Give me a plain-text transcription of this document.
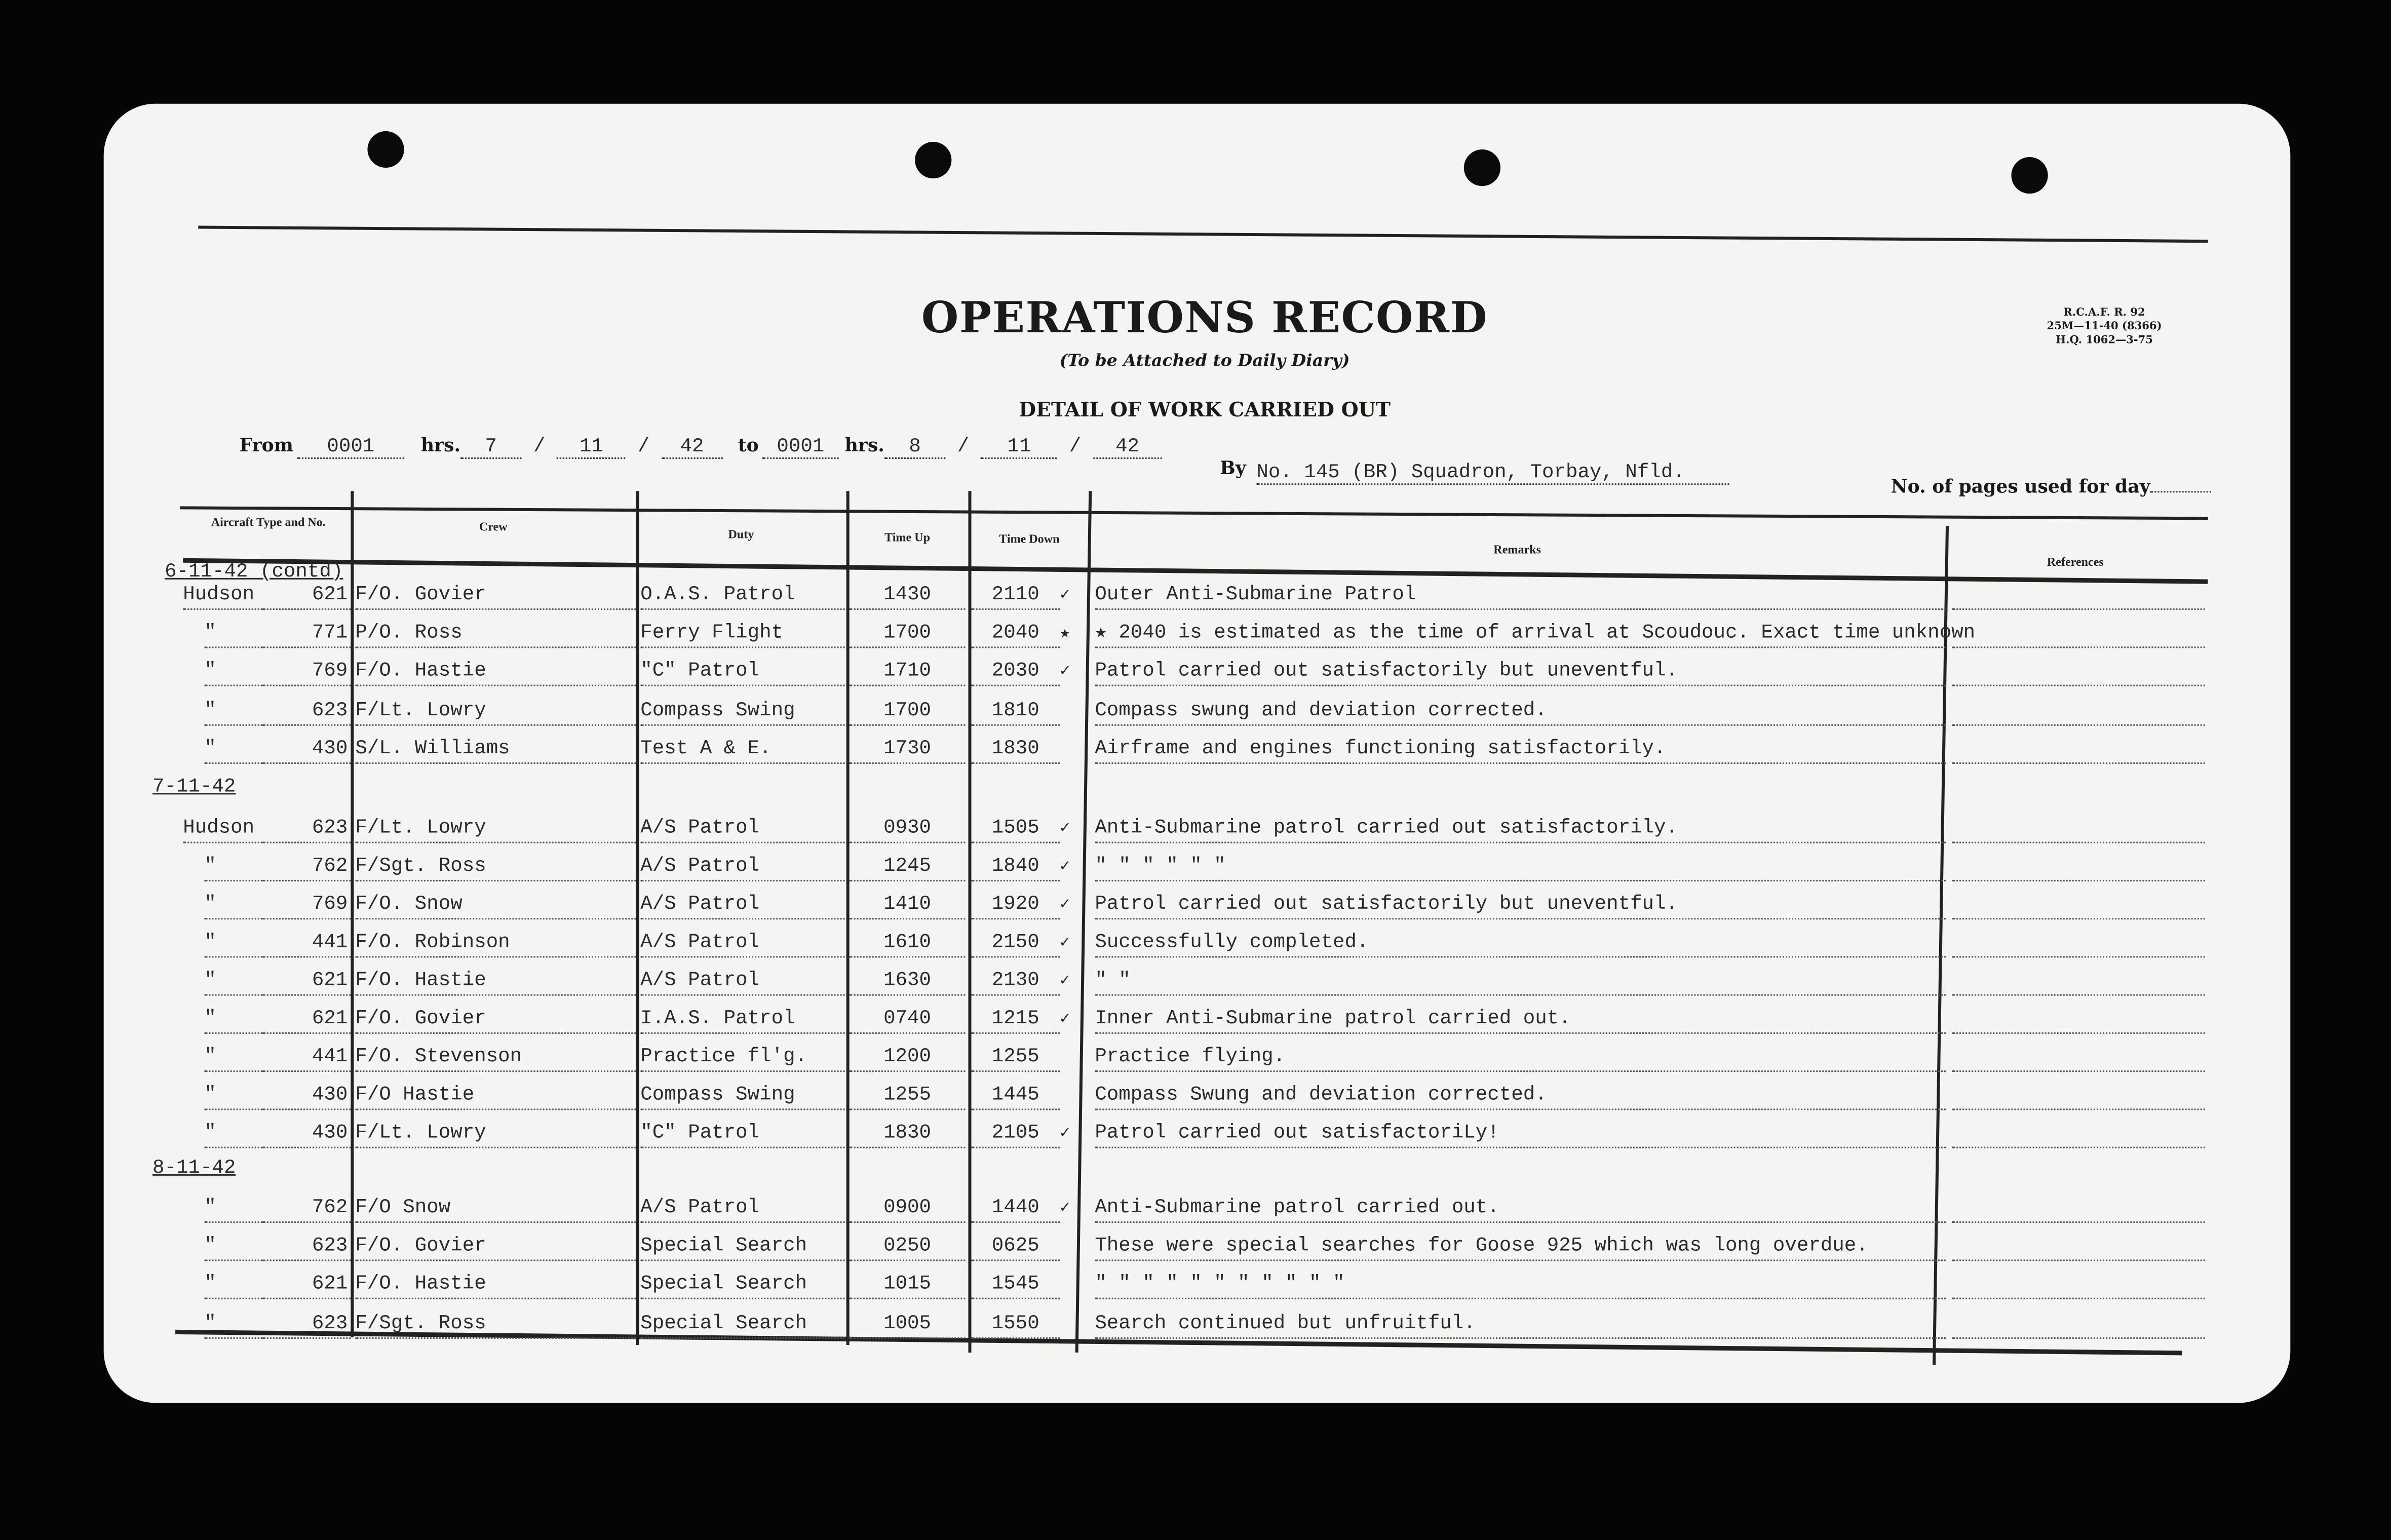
OPERATIONS RECORD
(To be Attached to Daily Diary)
DETAIL OF WORK CARRIED OUT
R.C.A.F. R. 92
25M—11-40 (8366)
H.Q. 1062—3-75
From	0001	hrs.	7	/	11	/	42	to	0001	hrs.	8	/	11	/	42
By No. 145 (BR) Squadron, Torbay, Nfld.
No. of pages used for day
Aircraft Type and No.	Crew
Duty	Time Up	Time Down
Remarks
References
6-11-42 (contd)
Hudson	621	F/O. Govier	O.A.S. Patrol	1430	2110	✓	Outer Anti-Submarine Patrol
"	771	P/O. Ross	Ferry Flight	1700	2040	★	★ 2040 is estimated as the time of arrival at Scoudouc. Exact time unknown
"	769	F/O. Hastie	"C" Patrol	1710	2030	✓	Patrol carried out satisfactorily but uneventful.
"	623	F/Lt. Lowry	Compass Swing	1700	1810	Compass swung and deviation corrected.
"	430	S/L. Williams	Test A & E.	1730	1830	Airframe and engines functioning satisfactorily.
7-11-42
Hudson	623	F/Lt. Lowry	A/S Patrol	0930	1505	✓	Anti-Submarine patrol carried out satisfactorily.
"	762	F/Sgt. Ross	A/S Patrol	1245	1840	✓	" " " " " "
"	769	F/O. Snow	A/S Patrol	1410	1920	✓	Patrol carried out satisfactorily but uneventful.
"	441	F/O. Robinson	A/S Patrol	1610	2150	✓	Successfully completed.
"	621	F/O. Hastie	A/S Patrol	1630	2130	✓	" "
"	621	F/O. Govier	I.A.S. Patrol	0740	1215	✓	Inner Anti-Submarine patrol carried out.
"	441	F/O. Stevenson	Practice fl'g.	1200	1255	Practice flying.
"	430	F/O Hastie	Compass Swing	1255	1445	Compass Swung and deviation corrected.
"	430	F/Lt. Lowry	"C" Patrol	1830	2105	✓	Patrol carried out satisfactoriLy!
8-11-42
"	762	F/O Snow	A/S Patrol	0900	1440	✓	Anti-Submarine patrol carried out.
"	623	F/O. Govier	Special Search	0250	0625	These were special searches for Goose 925 which was long overdue.
"	621	F/O. Hastie	Special Search	1015	1545	" " " " " " " " " " "
"	623	F/Sgt. Ross	Special Search	1005	1550	Search continued but unfruitful.
